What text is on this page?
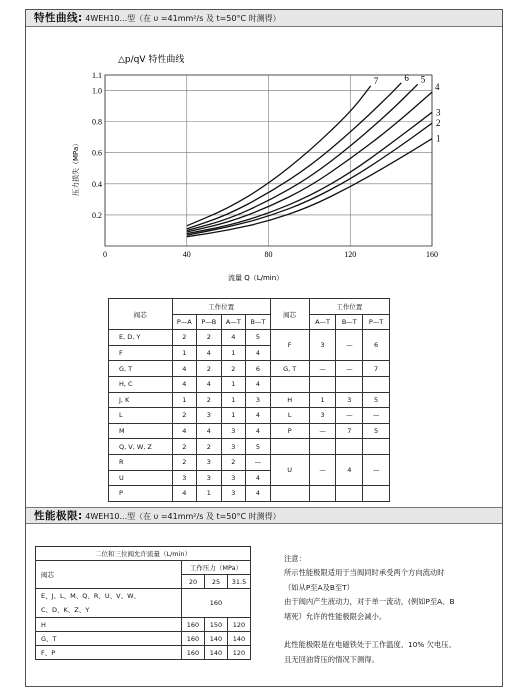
特性曲线: 4WEH10...型（在 υ =41mm²/s 及 t=50°C 时测得）
0	40	80	120	160
0.2
0.4
0.6
0.8
1.0
1.1
1
2
3
4
5
6
7
△p/qV 特性曲线
流量 Q（L/min）
压力损失（MPa）
阀芯	工作位置				阀芯	工作位置		
	P—A	P—B	A—T	B—T		A—T	B—T	P—T
E, D, Y	2	2	4	5	F	3	—	6
F	1	4	1	4				
G, T	4	2	2	6	G, T	—	—	7
H, C	4	4	1	4				
J, K	1	2	1	3	H	1	3	5
L	2	3	1	4	L	3	—	—
M	4	4	3	4	P	—	7	5
Q, V, W, Z	2	2	3	5				
R	2	3	2	—	U	—	4	—
U	3	3	3	4				
P	4	1	3	4				
性能极限: 4WEH10...型（在 υ =41mm²/s 及 t=50°C 时测得）
二位和三位阀允许流量（L/min）			
阀芯	工作压力（MPa）		
	20	25	31.5

E、J、L、M、Q、R、U、V、W、
C、D、K、Z、Y	160		
H	160	150	120
G、T	160	140	140
F、P	160	140	120
注意：
所示性能极限适用于当阀同时承受两个方向流动时
（如从P至A及B至T）
由于阀内产生液动力，对于单一流动，(例如P至A、B
堵死）允许的性能极限会减小。
此性能极限是在电磁铁处于工作温度、10% 欠电压、
且无回油背压的情况下测得。
